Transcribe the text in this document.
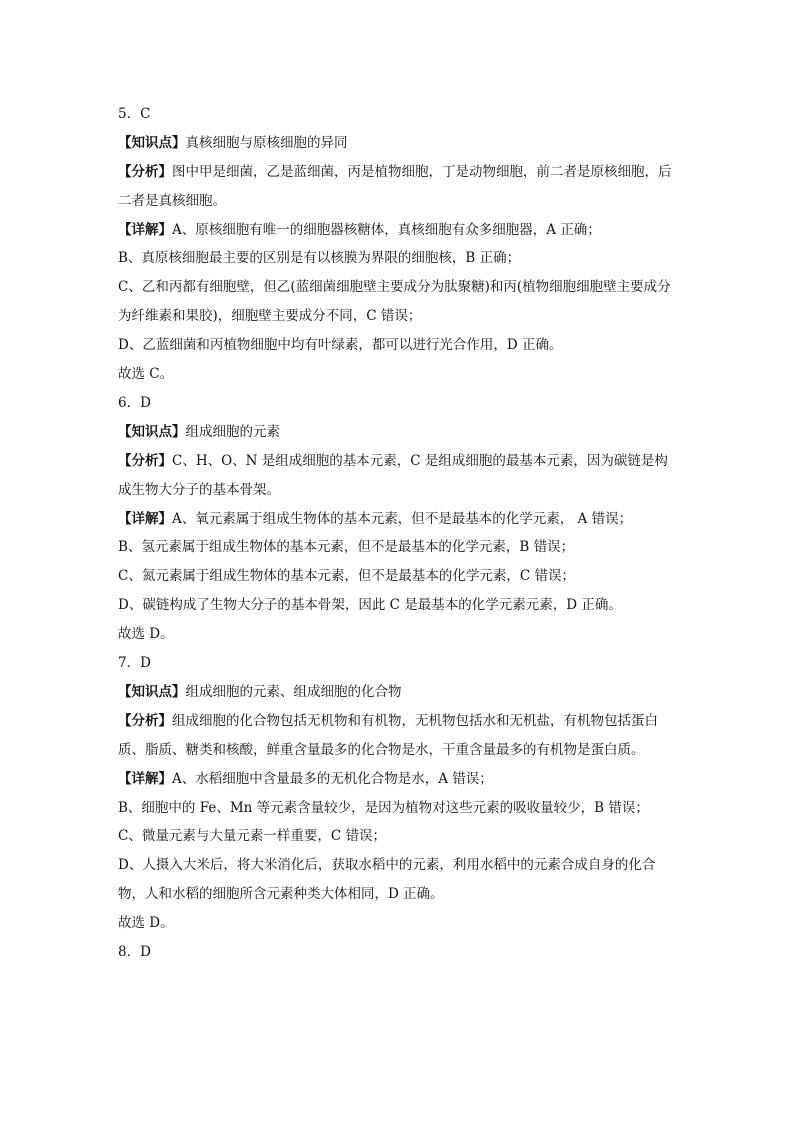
5．C
【知识点】真核细胞与原核细胞的异同
【分析】图中甲是细菌，乙是蓝细菌，丙是植物细胞，丁是动物细胞，前二者是原核细胞，后二者是真核细胞。
【详解】A、原核细胞有唯一的细胞器核糖体，真核细胞有众多细胞器，A 正确；
B、真原核细胞最主要的区别是有以核膜为界限的细胞核，B 正确；
C、乙和丙都有细胞壁，但乙(蓝细菌细胞壁主要成分为肽聚糖)和丙(植物细胞细胞壁主要成分为纤维素和果胶)，细胞壁主要成分不同，C 错误；
D、乙蓝细菌和丙植物细胞中均有叶绿素，都可以进行光合作用，D 正确。
故选 C。
6．D
【知识点】组成细胞的元素
【分析】C、H、O、N 是组成细胞的基本元素，C 是组成细胞的最基本元素，因为碳链是构成生物大分子的基本骨架。
【详解】A、氧元素属于组成生物体的基本元素，但不是最基本的化学元素， A 错误；
B、氢元素属于组成生物体的基本元素，但不是最基本的化学元素，B 错误；
C、氮元素属于组成生物体的基本元素，但不是最基本的化学元素，C 错误；
D、碳链构成了生物大分子的基本骨架，因此 C 是最基本的化学元素元素，D 正确。
故选 D。
7．D
【知识点】组成细胞的元素、组成细胞的化合物
【分析】组成细胞的化合物包括无机物和有机物，无机物包括水和无机盐，有机物包括蛋白质、脂质、糖类和核酸，鲜重含量最多的化合物是水，干重含量最多的有机物是蛋白质。
【详解】A、水稻细胞中含量最多的无机化合物是水，A 错误；
B、细胞中的 Fe、Mn 等元素含量较少，是因为植物对这些元素的吸收量较少，B 错误；
C、微量元素与大量元素一样重要，C 错误；
D、人摄入大米后，将大米消化后，获取水稻中的元素，利用水稻中的元素合成自身的化合物，人和水稻的细胞所含元素种类大体相同，D 正确。
故选 D。
8．D
